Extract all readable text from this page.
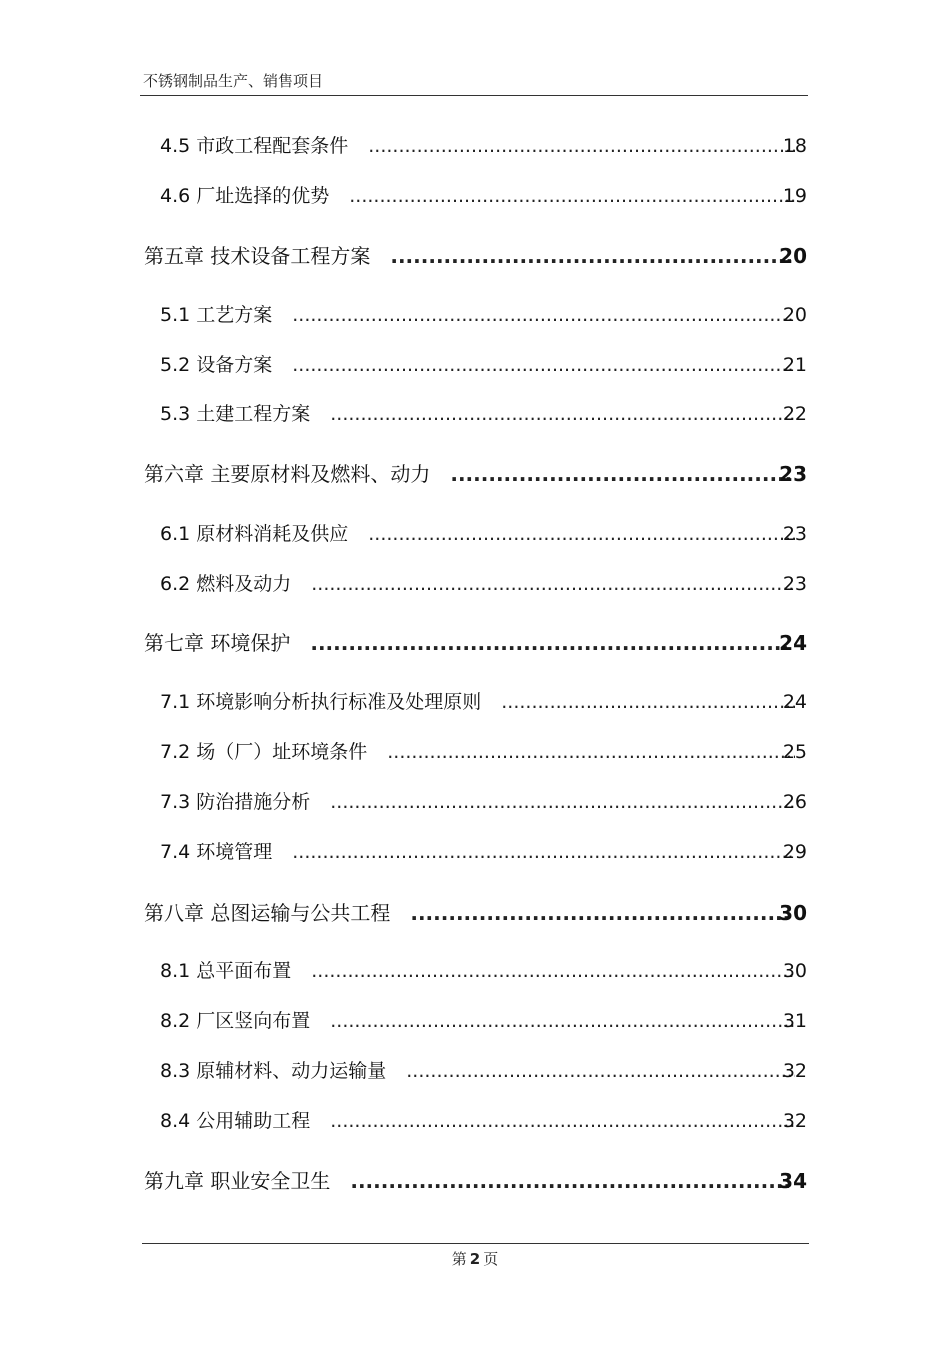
不锈钢制品生产、销售项目
4.5 市政工程配套条件 .....	18
4.6 厂址选择的优势 .....	19
第五章 技术设备工程方案 .....	20
5.1 工艺方案 .....	20
5.2 设备方案 .....	21
5.3 土建工程方案 .....	22
第六章 主要原材料及燃料、动力 .....	23
6.1 原材料消耗及供应 .....	23
6.2 燃料及动力 .....	23
第七章 环境保护 .....	24
7.1 环境影响分析执行标准及处理原则 .....	24
7.2 场（厂）址环境条件 .....	25
7.3 防治措施分析 .....	26
7.4 环境管理 .....	29
第八章 总图运输与公共工程 .....	30
8.1 总平面布置 .....	30
8.2 厂区竖向布置 .....	31
8.3 原辅材料、动力运输量 .....	32
8.4 公用辅助工程 .....	32
第九章 职业安全卫生 .....	34
第 2 页
